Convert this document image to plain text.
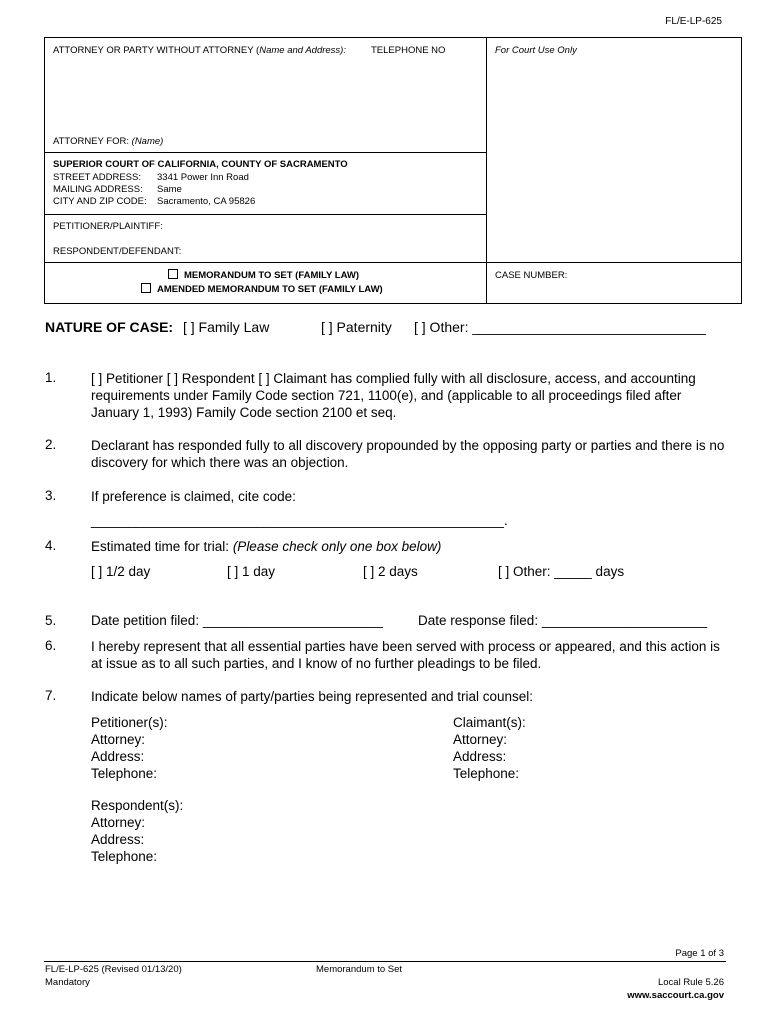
FL/E-LP-625
ATTORNEY OR PARTY WITHOUT ATTORNEY (Name and Address):	TELEPHONE NO	For Court Use Only
ATTORNEY FOR: (Name)
SUPERIOR COURT OF CALIFORNIA, COUNTY OF SACRAMENTO
STREET ADDRESS: 3341 Power Inn Road
MAILING ADDRESS: Same
CITY AND ZIP CODE: Sacramento, CA 95826
PETITIONER/PLAINTIFF:
RESPONDENT/DEFENDANT:
MEMORANDUM TO SET (FAMILY LAW)
AMENDED MEMORANDUM TO SET (FAMILY LAW)
CASE NUMBER:
NATURE OF CASE: [ ] Family Law	[ ] Paternity [ ] Other: ______________________________
1.	[ ] Petitioner [ ] Respondent [ ] Claimant has complied fully with all disclosure, access, and accounting requirements under Family Code section 721, 1100(e), and (applicable to all proceedings filed after January 1, 1993) Family Code section 2100 et seq.
2.	Declarant has responded fully to all discovery propounded by the opposing party or parties and there is no discovery for which there was an objection.
3.	If preference is claimed, cite code:
_______________________________________________________.
4.	Estimated time for trial: (Please check only one box below)
[ ] 1/2 day	[ ] 1 day	[ ] 2 days	[ ] Other: _____ days
5.	Date petition filed: ________________________	Date response filed: ______________________
6.	I hereby represent that all essential parties have been served with process or appeared, and this action is at issue as to all such parties, and I know of no further pleadings to be filed.
7.	Indicate below names of party/parties being represented and trial counsel:
Petitioner(s):
Attorney:
Address:
Telephone:
Claimant(s):
Attorney:
Address:
Telephone:
Respondent(s):
Attorney:
Address:
Telephone:
Page 1 of 3
FL/E-LP-625 (Revised 01/13/20)
Mandatory
Memorandum to Set
Local Rule 5.26
www.saccourt.ca.gov
